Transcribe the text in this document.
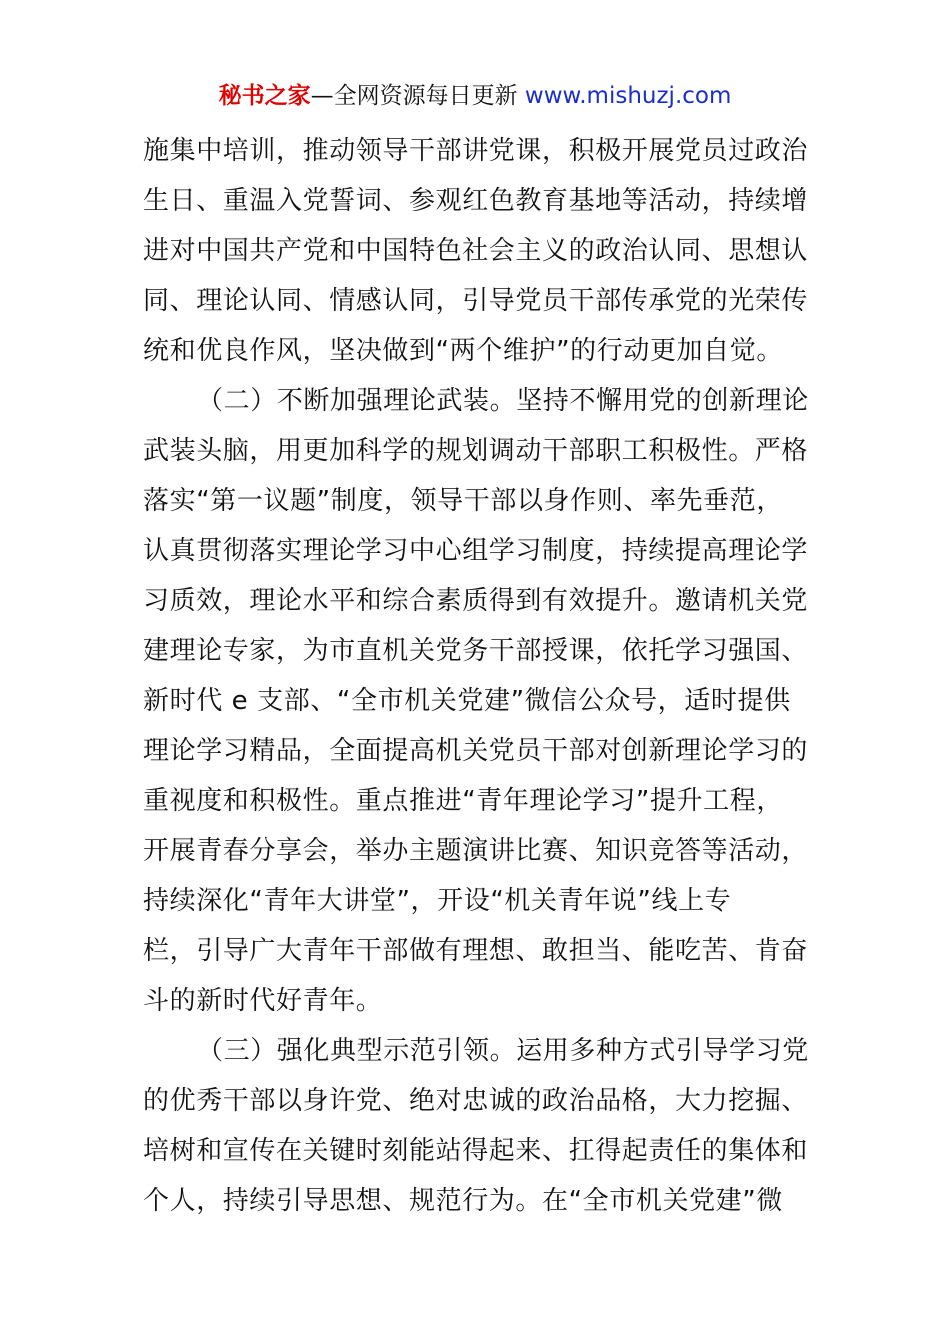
秘书之家—全网资源每日更新 www.mishuzj.com
施集中培训，推动领导干部讲党课，积极开展党员过政治
生日、重温入党誓词、参观红色教育基地等活动，持续增
进对中国共产党和中国特色社会主义的政治认同、思想认
同、理论认同、情感认同，引导党员干部传承党的光荣传
统和优良作风，坚决做到“两个维护”的行动更加自觉。
（二）不断加强理论武装。坚持不懈用党的创新理论
武装头脑，用更加科学的规划调动干部职工积极性。严格
落实“第一议题”制度，领导干部以身作则、率先垂范，
认真贯彻落实理论学习中心组学习制度，持续提高理论学
习质效，理论水平和综合素质得到有效提升。邀请机关党
建理论专家，为市直机关党务干部授课，依托学习强国、
新时代 e 支部、“全市机关党建”微信公众号，适时提供
理论学习精品，全面提高机关党员干部对创新理论学习的
重视度和积极性。重点推进“青年理论学习”提升工程，
开展青春分享会，举办主题演讲比赛、知识竞答等活动，
持续深化“青年大讲堂”，开设“机关青年说”线上专
栏，引导广大青年干部做有理想、敢担当、能吃苦、肯奋
斗的新时代好青年。
（三）强化典型示范引领。运用多种方式引导学习党
的优秀干部以身许党、绝对忠诚的政治品格，大力挖掘、
培树和宣传在关键时刻能站得起来、扛得起责任的集体和
个人，持续引导思想、规范行为。在“全市机关党建”微
